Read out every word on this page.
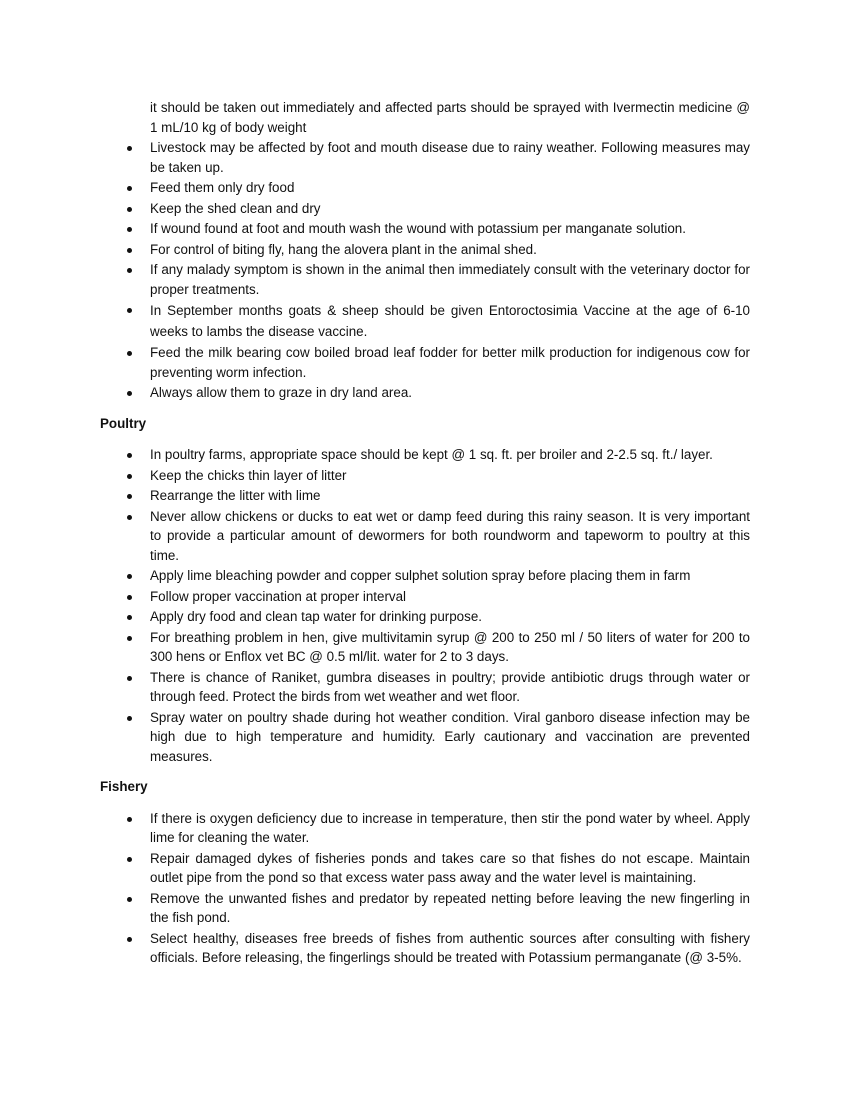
it should be taken out immediately and affected parts should be sprayed with Ivermectin medicine @ 1 mL/10 kg of body weight

Livestock may be affected by foot and mouth disease due to rainy weather. Following measures may be taken up.
Feed them only dry food
Keep the shed clean and dry
If wound found at foot and mouth wash the wound with potassium per manganate solution.
For control of biting fly, hang the alovera plant in the animal shed.
If any malady symptom is shown in the animal then immediately consult with the veterinary doctor for proper treatments.
In September months goats & sheep should be given Entoroctosimia Vaccine at the age of 6-10 weeks to lambs the disease vaccine.
Feed the milk bearing cow boiled broad leaf fodder for better milk production for indigenous cow for preventing worm infection.
Always allow them to graze in dry land area.
Poultry
In poultry farms, appropriate space should be kept @ 1 sq. ft. per broiler and 2-2.5 sq. ft./ layer.
Keep the chicks thin layer of litter
Rearrange the litter with lime
Never allow chickens or ducks to eat wet or damp feed during this rainy season. It is very important to provide a particular amount of dewormers for both roundworm and tapeworm to poultry at this time.
Apply lime bleaching powder and copper sulphet solution spray before placing them in farm
Follow proper vaccination at proper interval
Apply dry food and clean tap water for drinking purpose.
For breathing problem in hen, give multivitamin syrup @ 200 to 250 ml / 50 liters of water for 200 to 300 hens or Enflox vet BC @ 0.5 ml/lit. water for 2 to 3 days.
There is chance of Raniket, gumbra diseases in poultry; provide antibiotic drugs through water or through feed. Protect the birds from wet weather and wet floor.
Spray water on poultry shade during hot weather condition. Viral ganboro disease infection may be high due to high temperature and humidity. Early cautionary and vaccination are prevented measures.
Fishery
If there is oxygen deficiency due to increase in temperature, then stir the pond water by wheel. Apply lime for cleaning the water.
Repair damaged dykes of fisheries ponds and takes care so that fishes do not escape. Maintain outlet pipe from the pond so that excess water pass away and the water level is maintaining.
Remove the unwanted fishes and predator by repeated netting before leaving the new fingerling in the fish pond.
Select healthy, diseases free breeds of fishes from authentic sources after consulting with fishery officials. Before releasing, the fingerlings should be treated with Potassium permanganate (@ 3-5%.
